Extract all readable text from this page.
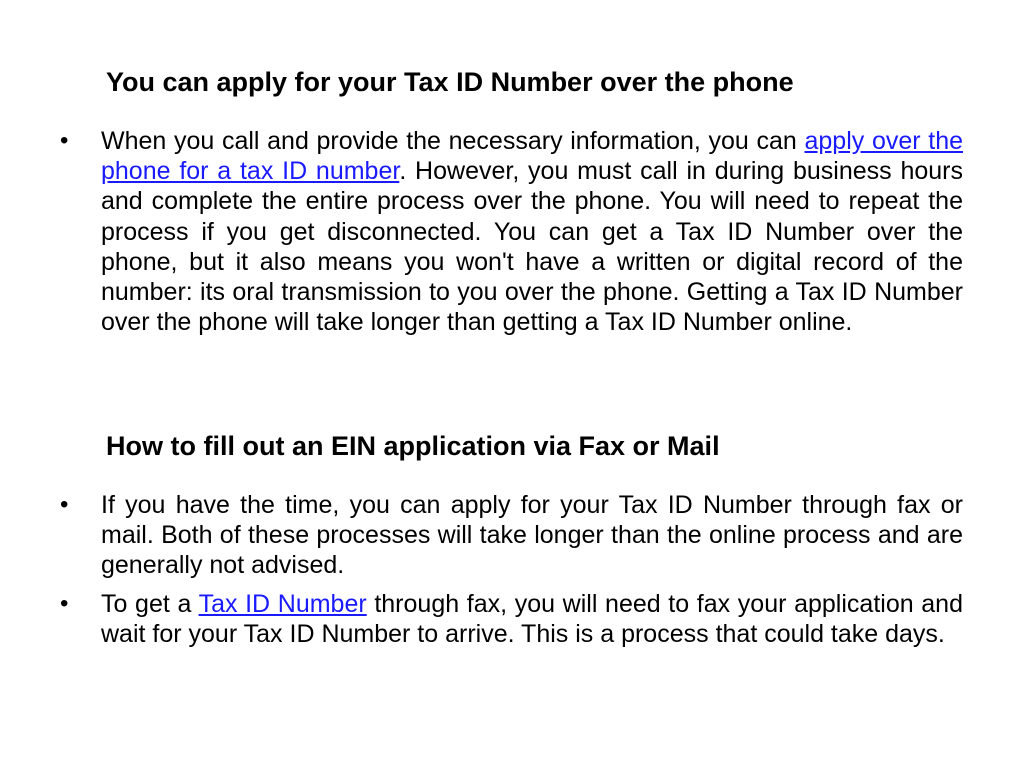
You can apply for your Tax ID Number over the phone
•	When you call and provide the necessary information, you can apply over the phone for a tax ID number. However, you must call in during business hours and complete the entire process over the phone. You will need to repeat the process if you get disconnected. You can get a Tax ID Number over the phone, but it also means you won't have a written or digital record of the number: its oral transmission to you over the phone. Getting a Tax ID Number over the phone will take longer than getting a Tax ID Number online.
How to fill out an EIN application via Fax or Mail
•	If you have the time, you can apply for your Tax ID Number through fax or mail. Both of these processes will take longer than the online process and are generally not advised.
•	To get a Tax ID Number through fax, you will need to fax your application and wait for your Tax ID Number to arrive. This is a process that could take days.
